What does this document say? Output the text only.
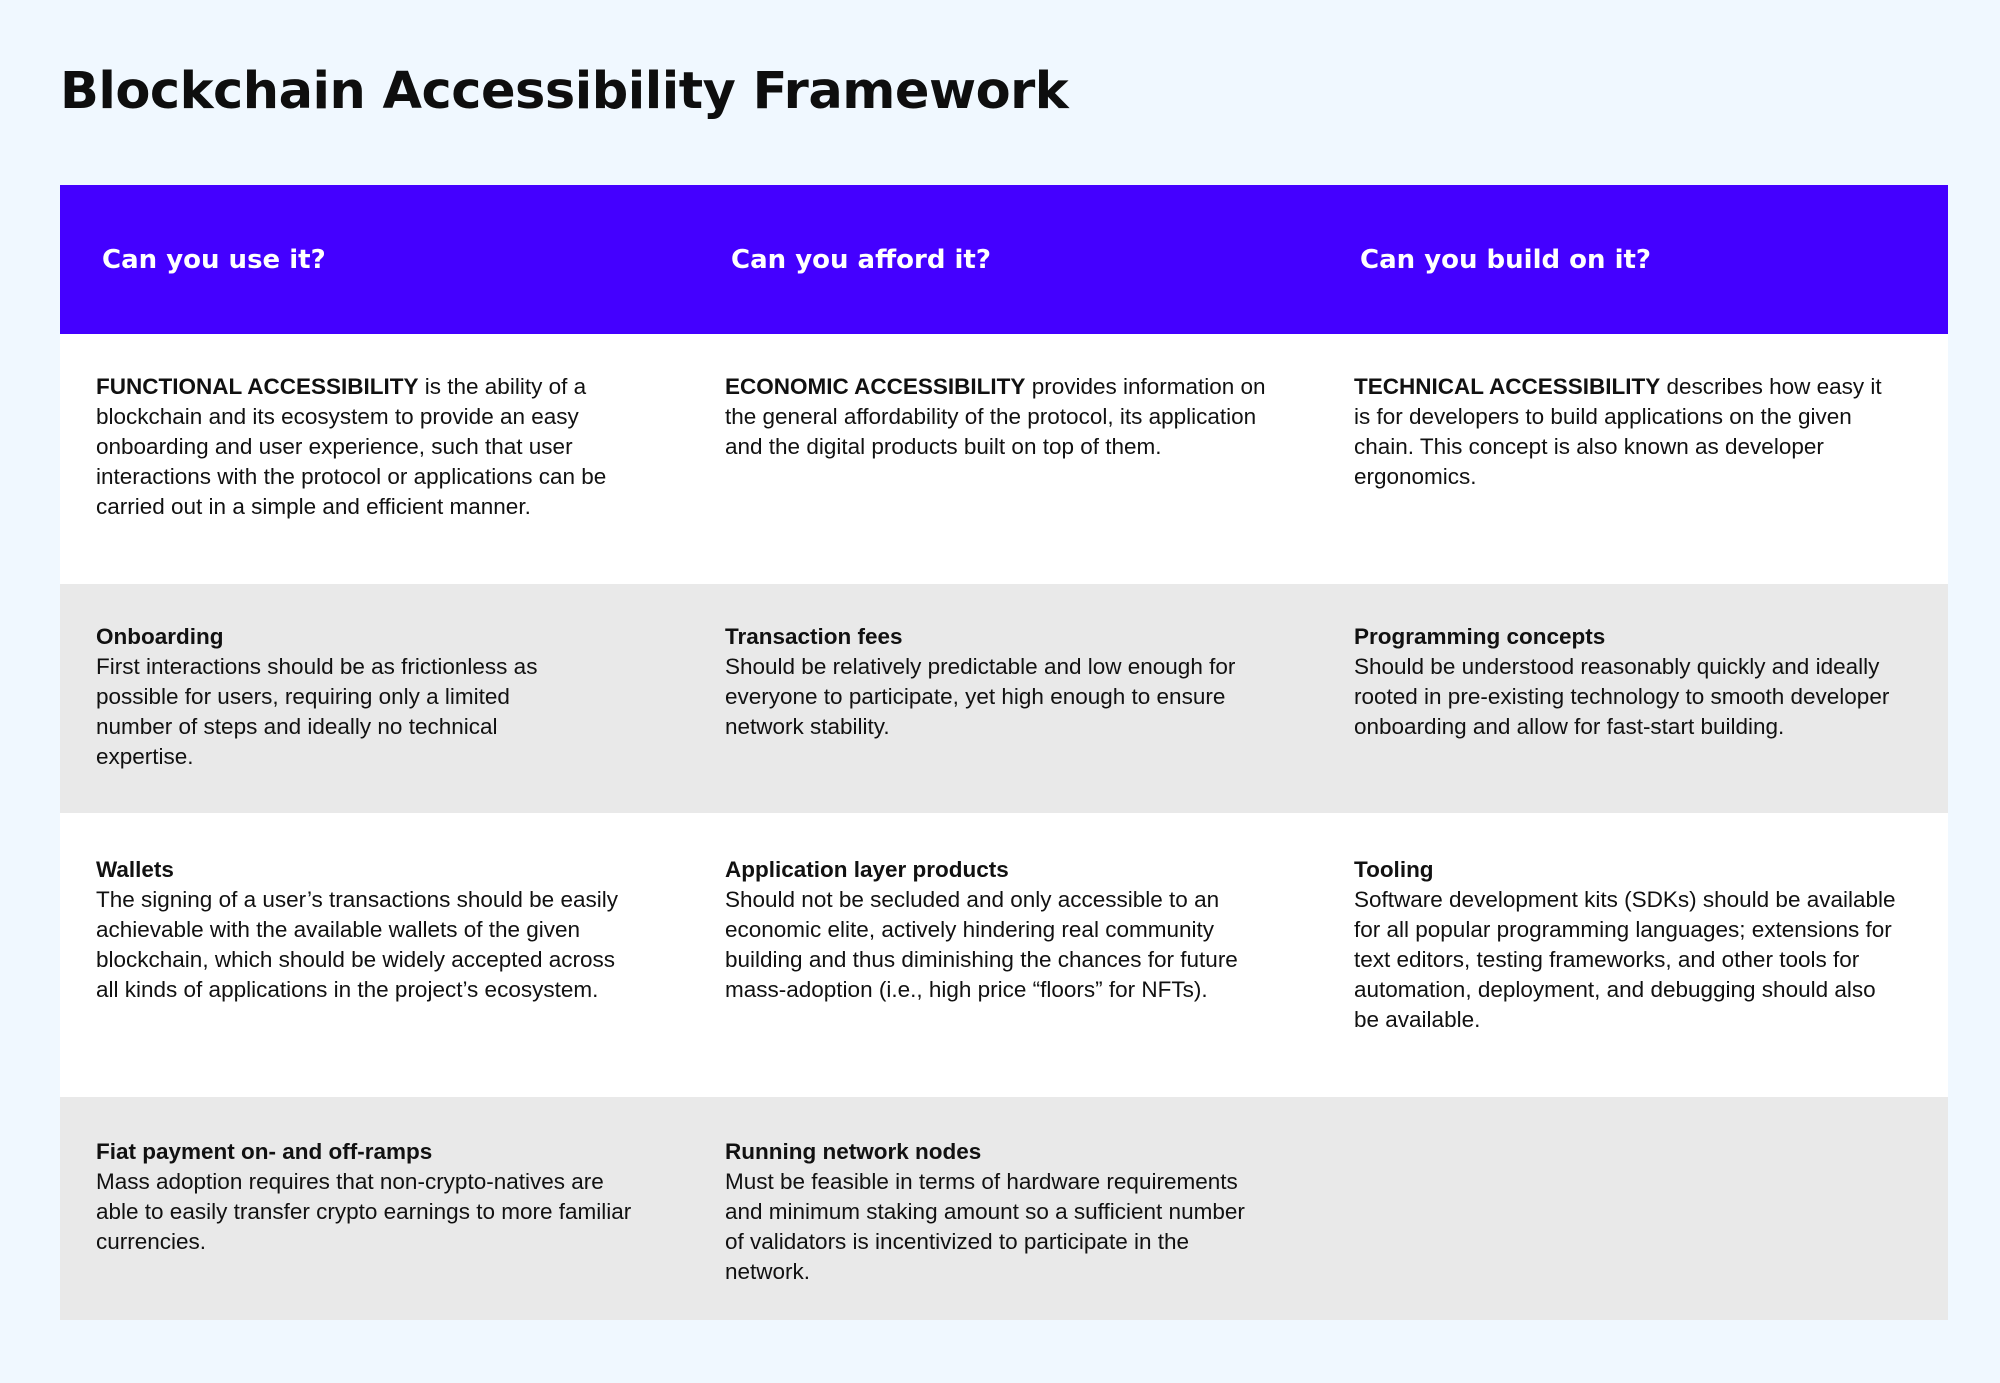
Blockchain Accessibility Framework
Can you use it?	Can you afford it?	Can you build on it?
FUNCTIONAL ACCESSIBILITY is the ability of a blockchain and its ecosystem to provide an easy onboarding and user experience, such that user interactions with the protocol or applications can be carried out in a simple and efficient manner.
ECONOMIC ACCESSIBILITY provides information on the general affordability of the protocol, its application and the digital products built on top of them.
TECHNICAL ACCESSIBILITY describes how easy it is for developers to build applications on the given chain. This concept is also known as developer ergonomics.
Onboarding
First interactions should be as frictionless as possible for users, requiring only a limited number of steps and ideally no technical expertise.
Transaction fees
Should be relatively predictable and low enough for everyone to participate, yet high enough to ensure network stability.
Programming concepts
Should be understood reasonably quickly and ideally rooted in pre-existing technology to smooth developer onboarding and allow for fast-start building.
Wallets
The signing of a user’s transactions should be easily achievable with the available wallets of the given blockchain, which should be widely accepted across all kinds of applications in the project’s ecosystem.
Application layer products
Should not be secluded and only accessible to an economic elite, actively hindering real community building and thus diminishing the chances for future mass-adoption (i.e., high price “floors” for NFTs).
Tooling
Software development kits (SDKs) should be available for all popular programming languages; extensions for text editors, testing frameworks, and other tools for automation, deployment, and debugging should also be available.
Fiat payment on- and off-ramps
Mass adoption requires that non-crypto-natives are able to easily transfer crypto earnings to more familiar currencies.
Running network nodes
Must be feasible in terms of hardware requirements and minimum staking amount so a sufficient number of validators is incentivized to participate in the network.
